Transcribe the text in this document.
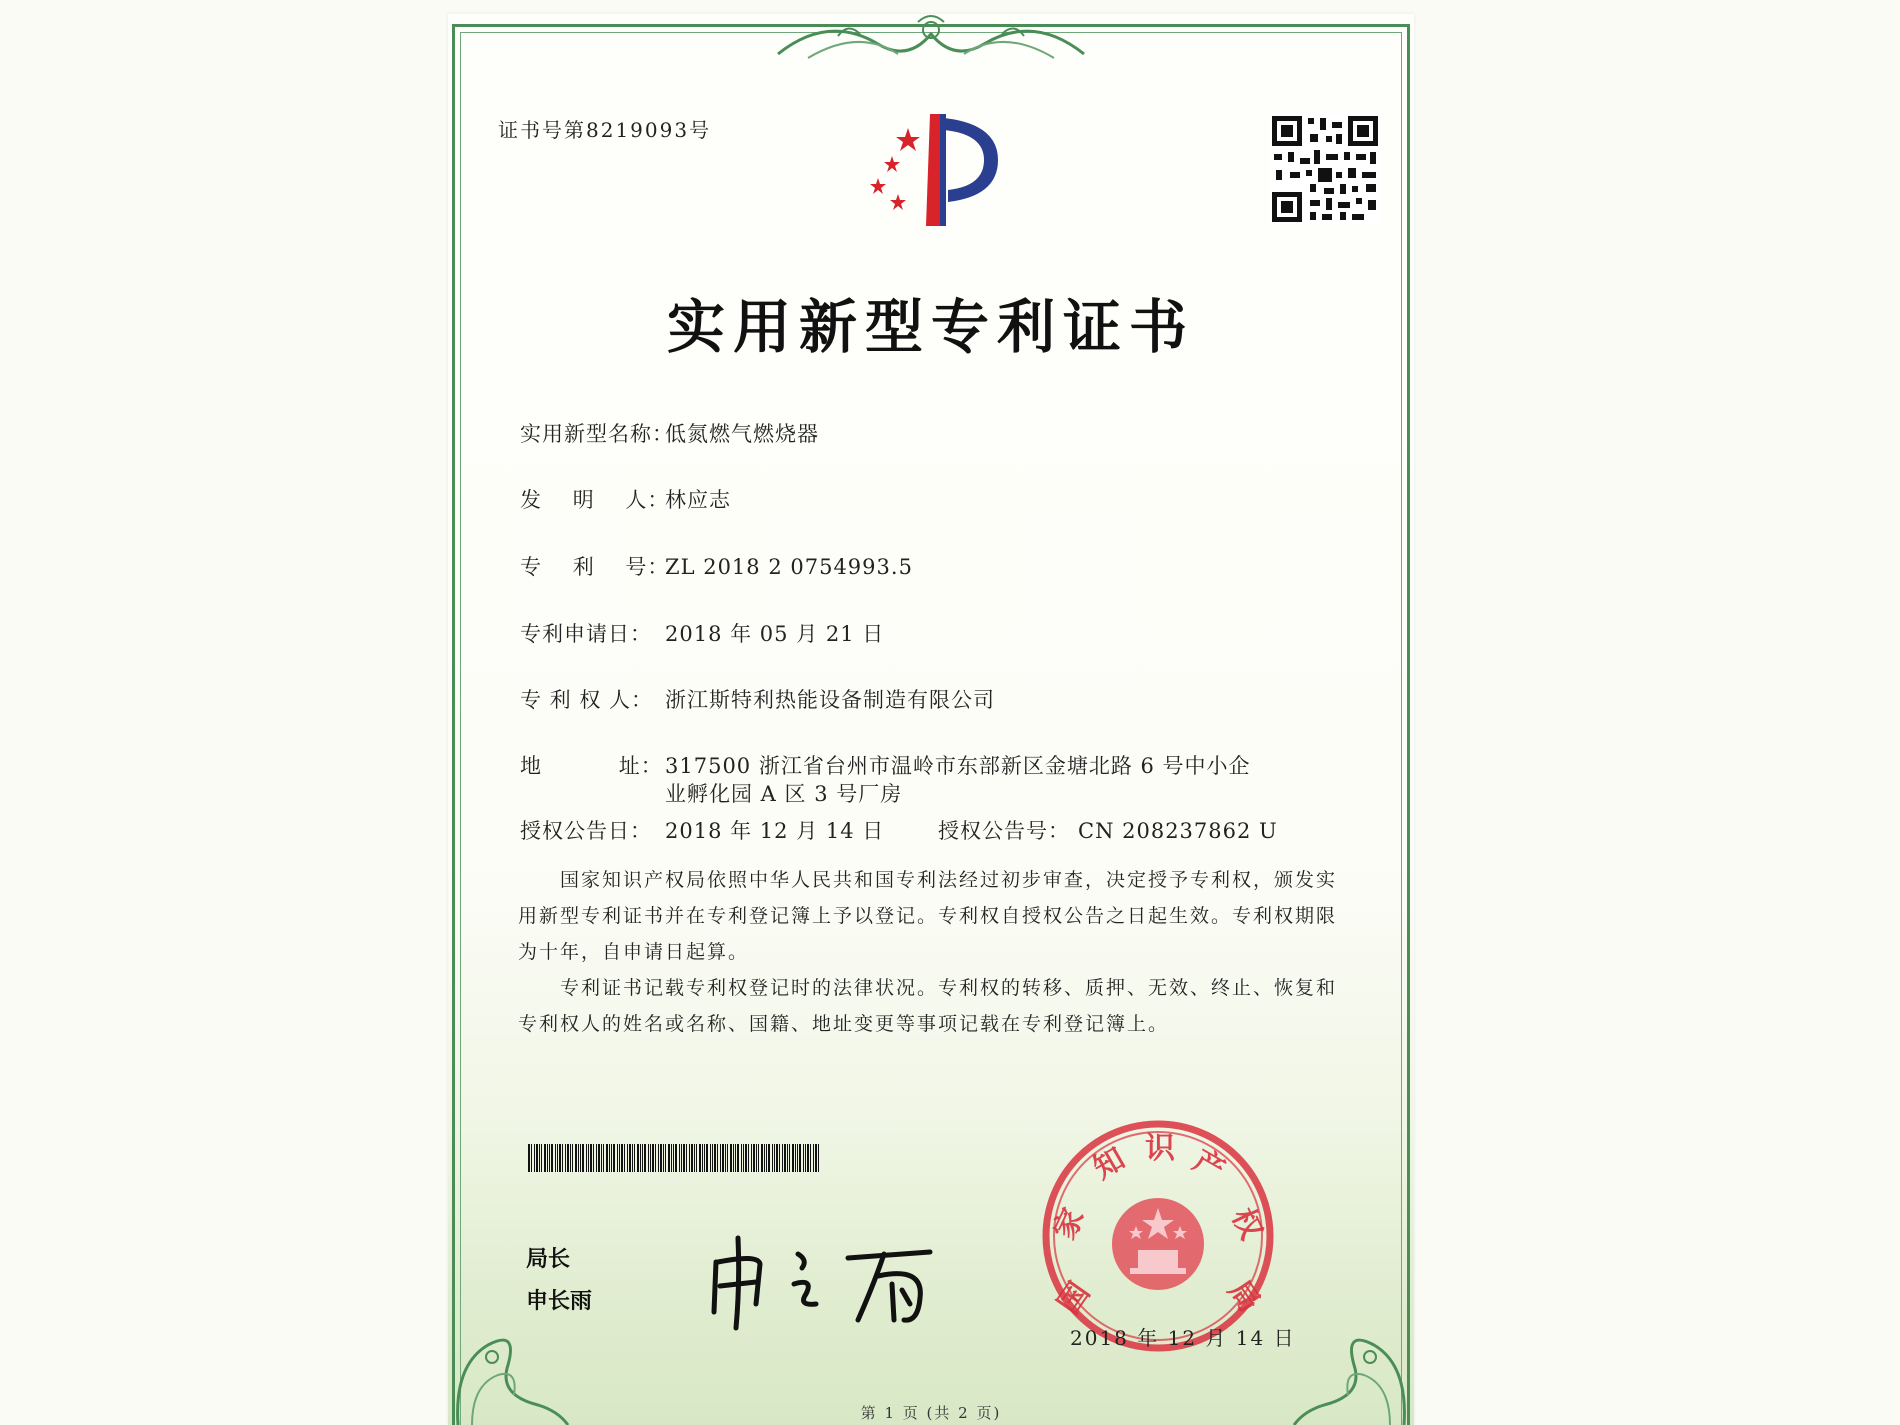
证书号第8219093号
实用新型专利证书
实用新型名称：低氮燃气燃烧器
发    明    人：林应志
专    利    号：ZL 2018 2 0754993.5
专利申请日： 2018 年 05 月 21 日
专 利 权 人： 浙江斯特利热能设备制造有限公司
地          址： 317500 浙江省台州市温岭市东部新区金塘北路 6 号中小企
业孵化园 A 区 3 号厂房
授权公告日： 2018 年 12 月 14 日	授权公告号： CN 208237862 U
国家知识产权局依照中华人民共和国专利法经过初步审查，决定授予专利权，颁发实用新型专利证书并在专利登记簿上予以登记。专利权自授权公告之日起生效。专利权期限为十年，自申请日起算。
专利证书记载专利权登记时的法律状况。专利权的转移、质押、无效、终止、恢复和专利权人的姓名或名称、国籍、地址变更等事项记载在专利登记簿上。
局长
申长雨	国
家
知 识 产
权
局
2018 年 12 月 14 日
第 1 页 (共 2 页)
